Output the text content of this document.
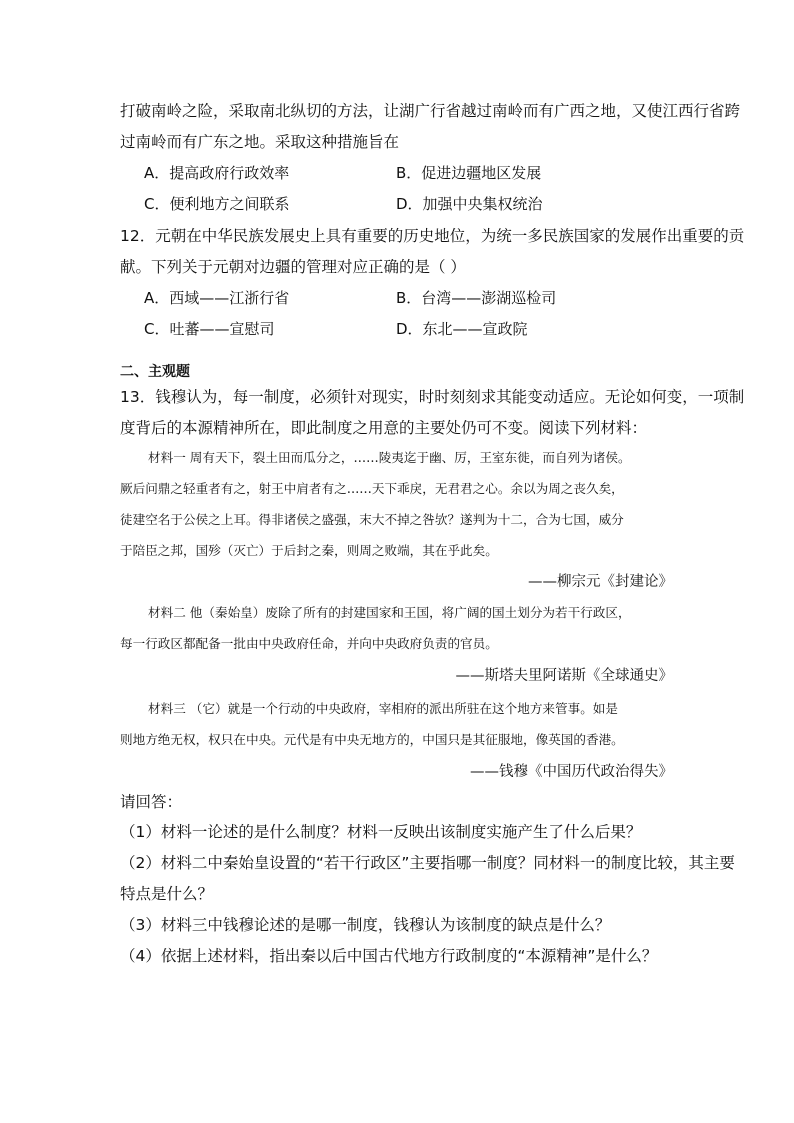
打破南岭之险，采取南北纵切的方法，让湖广行省越过南岭而有广西之地，又使江西行省跨

过南岭而有广东之地。采取这种措施旨在

A．提高政府行政效率	B．促进边疆地区发展

C．便利地方之间联系	D．加强中央集权统治

12．元朝在中华民族发展史上具有重要的历史地位，为统一多民族国家的发展作出重要的贡

献。下列关于元朝对边疆的管理对应正确的是（ ）

A．西域——江浙行省	B．台湾——澎湖巡检司

C．吐蕃——宣慰司	D．东北——宣政院

二、主观题

13．钱穆认为，每一制度，必须针对现实，时时刻刻求其能变动适应。无论如何变，一项制

度背后的本源精神所在，即此制度之用意的主要处仍可不变。阅读下列材料：

材料一 周有天下，裂土田而瓜分之，……陵夷迄于幽、厉，王室东徙，而自列为诸侯。

厥后问鼎之轻重者有之，射王中肩者有之……天下乖戾，无君君之心。余以为周之丧久矣，

徒建空名于公侯之上耳。得非诸侯之盛强，末大不掉之咎欤？遂判为十二，合为七国，威分

于陪臣之邦，国殄（灭亡）于后封之秦，则周之败端，其在乎此矣。

——柳宗元《封建论》

材料二 他（秦始皇）废除了所有的封建国家和王国，将广阔的国土划分为若干行政区，

每一行政区都配备一批由中央政府任命，并向中央政府负责的官员。

——斯塔夫里阿诺斯《全球通史》

材料三 （它）就是一个行动的中央政府，宰相府的派出所驻在这个地方来管事。如是

则地方绝无权，权只在中央。元代是有中央无地方的，中国只是其征服地，像英国的香港。

——钱穆《中国历代政治得失》

请回答：

（1）材料一论述的是什么制度？材料一反映出该制度实施产生了什么后果？

（2）材料二中秦始皇设置的“若干行政区”主要指哪一制度？同材料一的制度比较，其主要

特点是什么？

（3）材料三中钱穆论述的是哪一制度，钱穆认为该制度的缺点是什么？

（4）依据上述材料，指出秦以后中国古代地方行政制度的“本源精神”是什么？
